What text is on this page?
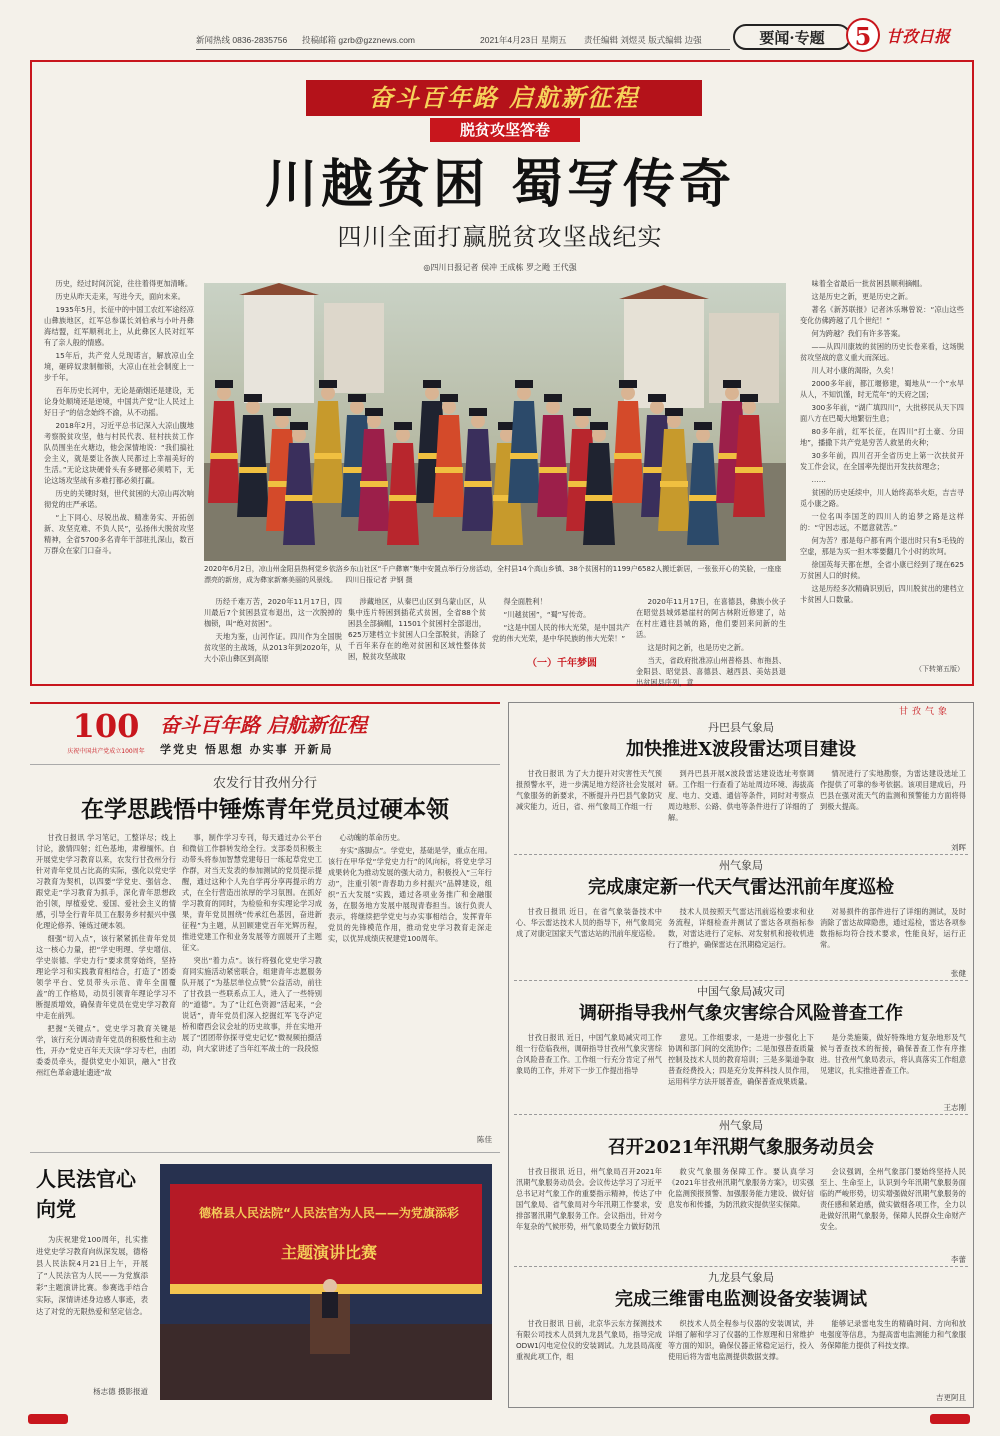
新闻热线 0836-2835756 投稿邮箱 gzrb@gzznews.com	2021年4月23日 星期五 责任编辑 刘煜灵 版式编辑 边强	要闻·专题	5 甘孜日报
奋斗百年路 启航新征程
脱贫攻坚答卷
川越贫困 蜀写传奇
四川全面打赢脱贫攻坚战纪实
◎四川日报记者 侯冲 王成栋 罗之飏 王代强

历史，经过时间沉淀，往往着得更加清晰。

历史从昨天走来，写进今天，面向未来。

1935年5月，长征中的中国工农红军途经凉山彝族地区，红军总参谋长刘伯承与小叶丹彝海结盟，红军顺利北上，从此彝区人民对红军有了亲人般的情感。

15年后，共产党人兑现诺言，解放凉山全境，砸碎奴隶制枷锁，大凉山在社会制度上一步千年。

百年历史长河中，无论是硝烟还是建设，无论身处顺境还是逆境，中国共产党“让人民过上好日子”的信念始终不渝，从不动摇。

2018年2月，习近平总书记深入大凉山腹地考察脱贫攻坚，他与村民代表、驻村扶贫工作队员围坐在火塘边，他会深情地说：“我们搞社会主义，就是要让各族人民都过上幸福美好的生活。”无论这块硬骨头有多硬都必须啃下，无论这场攻坚战有多难打都必须打赢。

历史的关键时刻，世代贫困的大凉山再次响彻党的庄严承诺。

“上下同心、尽锐出战、精准务实、开拓创新、攻坚克难、不负人民”，弘扬伟大脱贫攻坚精神，全省5700多名青年干部驻扎深山，数百万群众在家门口奋斗。

2020年6月2日，凉山州金阳县热柯觉乡依洛乡东山社区“千户彝寨”集中安置点举行分房活动，全村县14个高山乡镇、38个贫困村的1199户6582人搬迁新居，一张张开心的笑脸，一座座漂亮的新房，成为彝家新寨美丽的风景线。 四川日报记者 尹钢 摄

味着全省最后一批贫困县顺利摘帽。

这是历史之新，更是历史之新。

著名《新苏联报》记者沐乐琳曾说：“凉山这些变化仿佛跨越了几个世纪！”

何为跨越？我们有许多答案。

——从四川康坡的贫困的历史长卷来看，这场脱贫攻坚战的意义重大而深远。

川人对小康的渴盼，久矣！

2000多年前，都江堰修建，蜀地从“一个”水旱从人，不知饥馑，时无荒年”的天府之国；

300多年前，“湖广填四川”，大批移民从天下四面八方在巴蜀大地繁衍生息；

80多年前，红军长征，在四川“打土豪、分田地”，播撒下共产党是穷苦人救星的火种；

30多年前，四川召开全省历史上第一次扶贫开发工作会议，在全国率先提出开发扶贫理念；

……

贫困的历史延续中，川人始终高举火炬，吉吉寻觅小康之路。

一位名叫李国芝的四川人的追梦之路是这样的：“守因志远，不愿意就苦。”

何为苦？那是每户都有两个退出时只有5毛钱的空虚，那是为买一担木零要翻几个小时的坎坷。

徐国英每天都在想，全省小康已经到了现在625万贫困人口的时候。

这是历经多次精确识别后，四川脱贫出的建档立卡贫困人口数量。

（下转第五版）

历经千难万苦，2020年11月17日，四川最后7个贫困县宣布退出，这一次脱掉的枷锁，叫“绝对贫困”。

天地为鉴，山河作证。四川作为全国脱贫攻坚的主战场，从2013年到2020年，从大小凉山彝区到高原

涉藏地区，从秦巴山区到乌蒙山区，从集中连片特困到插花式贫困，全省88个贫困县全部摘帽，11501个贫困村全部退出，625万建档立卡贫困人口全部脱贫，消除了千百年来存在的绝对贫困和区域性整体贫困，脱贫攻坚战取

得全面胜利！

“川越贫困”，“蜀”写传奇。

“这是中国人民的伟大光荣，是中国共产党的伟大光荣，是中华民族的伟大光荣！”

（一）千年梦圆

2020年11月17日，在喜德县，彝族小伙子在昭觉县城郊悬崖村的阿古林附近修建了，站在村庄通往县城的路，他们要回来问新的生活。

这是时间之新，也是历史之新。

当天，省政府批准凉山州普格县、布拖县、金阳县、昭觉县、喜德县、越西县、美姑县退出贫困县序列，意

100
庆祝中国共产党成立100周年
奋斗百年路 启航新征程
学党史 悟思想 办实事 开新局
农发行甘孜州分行
在学思践悟中锤炼青年党员过硬本领

甘孜日报讯 学习笔记，工整详尽；线上讨论，激情四射；红色基地，肃穆缅怀。自开展党史学习教育以来，农发行甘孜州分行针对青年党员占比高的实际，强化以党史学习教育为契机，以四要“学党史、强信念、跟党走”学习教育为抓手，深化青年思想政治引领，厚植爱党、爱国、爱社会主义的情感，引导全行青年员工在服务乡村振兴中强化理论修养、锤炼过硬本领。

细强“切入点”，该行紧紧抓住青年党员这一核心力量，把“学史明理、学史增信、学史崇德、学史力行”要求贯穿始终，坚持理论学习和实践教育相结合，打造了“团委领学平台、党员带头示范、青年全面覆盖”的工作格局，动员引领青年理论学习不断提质增效，确保青年党员在党史学习教育中走在前列。

把握“关键点”。党史学习教育关键是学，该行充分调动青年党员的积极性和主动性，开办“党史百年天天读”学习专栏，由团委委员牵头，提供党史小知识，融入“甘孜州红色革命遗址遗迹”故

事，制作学习专刊，每天通过办公平台和微信工作群转发给全行。支部委员积极主动带头将参加智慧党建每日一练起草党史工作群，对当天发表的参加测试的党员提示提醒，通过这种个人先自学再分享再提示的方式，在全行营造出浓厚的学习氛围。在抓好学习教育的同时，为检验和夯实理论学习成果，青年党员围绕“传承红色基因，奋进新征程”为主题，从回顾建党百年光辉历程，推进党建工作和业务发展等方面展开了主题征文。

突出“着力点”。该行将强化党史学习教育同实施活动紧密联合，组建青年志愿服务队开展了“为基层单位点赞”公益活动，前往了甘孜县一些联系点工人，进入了一些特别的“道德”。为了“让红色资源”活起来，“会说话”，青年党员们深入挖掘红军飞夺泸定桥和磨西会议会址的历史故事，并在实地开展了“团团带你探寻党史记忆”微视频拍摄活动，向大家讲述了当年红军战士的一段段惊

心动魄的革命历史。

夯实“落脚点”。学党史，基础是学，重点在用。该行在甲华党“学党史力行”的风向标，将党史学习成果转化为推动发展的强大动力，积极投入“三年行动”，注重引领“青春助力乡村振兴”品牌建设，组织“五大发展”实践，通过各项业务推广和金融服务，在服务地方发展中展现青春担当。该行负责人表示，将继续把学党史与办实事相结合，发挥青年党员的先锋模范作用，推动党史学习教育走深走实，以优异成绩庆祝建党100周年。

陈佳
人民法官心向党

为庆祝建党100周年，扎实推进党史学习教育向纵深发展，德格县人民法院4月21日上午，开展了“人民法官为人民——为党旗添彩”主题演讲比赛。参赛选手结合实际，深情讲述身边感人事迹，表达了对党的无限热爱和坚定信念。

杨志德 摄影报道
德格县人民法院“人民法官为人民——为党旗添彩
主题演讲比赛
甘孜气象
丹巴县气象局
加快推进X波段雷达项目建设

甘孜日报讯 为了大力提升对灾害性天气预报预警水平，进一步满足地方经济社会发展对气象服务的新要求，不断提升丹巴县气象防灾减灾能力，近日，省、州气象局工作组一行

到丹巴县开展X波段雷达建设选址考察调研。工作组一行查看了站址周边环境、海拔高度、电力、交通、通信等条件，同时对考察点周边地形、公路、供电等条件进行了详细的了解。

情况进行了实地勘察，为雷达建设选址工作提供了可靠的参考依据。该项目建成后，丹巴县在强对流天气的监测和预警能力方面将得到极大提高。

刘晖
州气象局
完成康定新一代天气雷达汛前年度巡检

甘孜日报讯 近日，在省气象装备技术中心、华云雷达技术人员的指导下，州气象局完成了对康定国家天气雷达站的汛前年度巡检。

技术人员按照天气雷达汛前巡检要求和业务流程，详细检查并测试了雷达各项指标参数，对雷达进行了定标、对发射机和接收机进行了维护，确保雷达在汛期稳定运行。

对易损件的部件进行了详细的测试，及时消除了雷达故障隐患，通过巡检，雷达各项参数指标均符合技术要求，性能良好，运行正常。

张健
中国气象局减灾司
调研指导我州气象灾害综合风险普查工作

甘孜日报讯 近日，中国气象局减灾司工作组一行莅临我州，调研指导甘孜州气象灾害综合风险普查工作。工作组一行充分肯定了州气象局的工作，并对下一步工作提出指导

意见。工作组要求，一是进一步强化上下协调和部门间的交流协作；二是加强普查质量控制及技术人员的教育培训；三是多渠道争取普查经费投入；四是充分发挥科技人员作用，运用科学方法开展普查，确保普查成果质量。

是分类施策，做好特殊地方复杂地形及气候与普查技术的衔接，确保普查工作有序推进。甘孜州气象局表示，将认真落实工作组意见建议，扎实推进普查工作。

王志刚
州气象局
召开2021年汛期气象服务动员会

甘孜日报讯 近日，州气象局召开2021年汛期气象服务动员会。会议传达学习了习近平总书记对气象工作的重要指示精神，传达了中国气象局、省气象局对今年汛期工作要求，安排部署汛期气象服务工作。会议指出，针对今年复杂的气候形势，州气象局要全力做好防汛

救灾气象服务保障工作。要认真学习《2021年甘孜州汛期气象服务方案》，切实强化监测预报预警、加强服务能力建设、做好信息发布和传播，为防汛救灾提供坚实保障。

会议强调，全州气象部门要始终坚持人民至上、生命至上，认识到今年汛期气象服务面临的严峻形势，切实增强做好汛期气象服务的责任感和紧迫感，做实做细各项工作，全力以赴做好汛期气象服务，保障人民群众生命财产安全。

李蕾
九龙县气象局
完成三维雷电监测设备安装调试

甘孜日报讯 日前，北京华云东方探测技术有限公司技术人员到九龙县气象局，指导完成ODW1闪电定位仪的安装调试。九龙县局高度重视此项工作，组

织技术人员全程参与仪器的安装调试，并详细了解和学习了仪器的工作原理和日常维护等方面的知识，确保仪器正常稳定运行，投入使用后将为雷电监测提供数据支撑。

能够记录雷电发生的精确时间、方向和放电强度等信息，为提高雷电监测能力和气象服务保障能力提供了科技支撑。

吉更阿且
